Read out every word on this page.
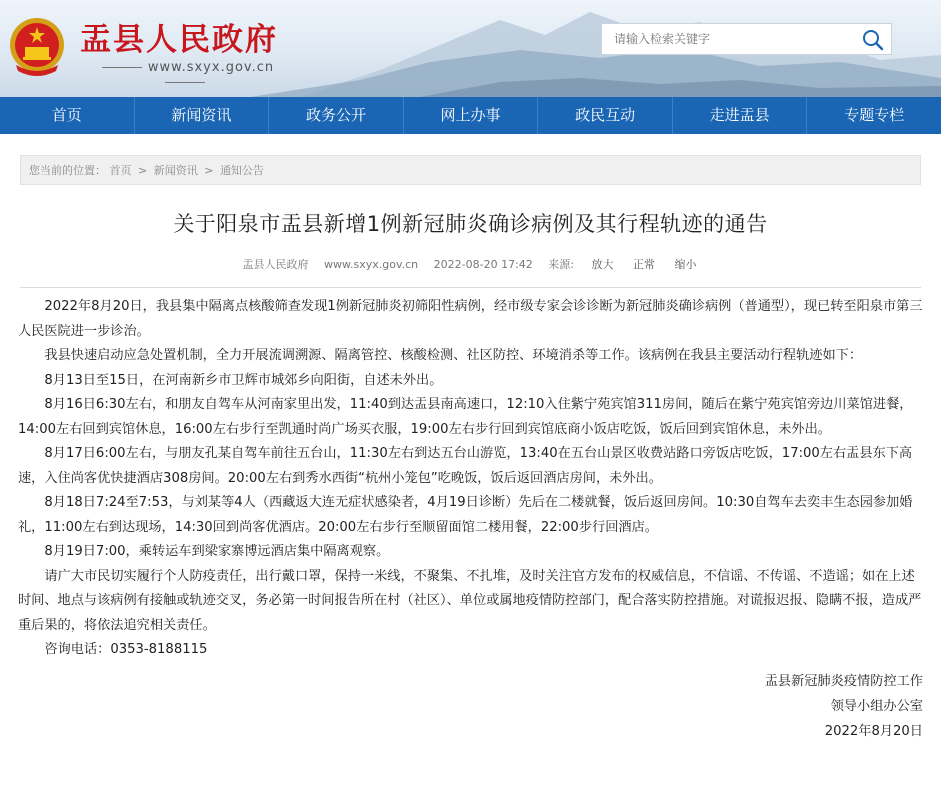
盂县人民政府
www.sxyx.gov.cn
请输入检索关键字
首页	新闻资讯	政务公开	网上办事	政民互动	走进盂县	专题专栏
您当前的位置： 首页 > 新闻资讯 > 通知公告
关于阳泉市盂县新增1例新冠肺炎确诊病例及其行程轨迹的通告
盂县人民政府 www.sxyx.gov.cn 2022-08-20 17:42 来源: 放大 正常 缩小

2022年8月20日，我县集中隔离点核酸筛查发现1例新冠肺炎初筛阳性病例，经市级专家会诊诊断为新冠肺炎确诊病例（普通型），现已转至阳泉市第三人民医院进一步诊治。

我县快速启动应急处置机制，全力开展流调溯源、隔离管控、核酸检测、社区防控、环境消杀等工作。该病例在我县主要活动行程轨迹如下：

8月13日至15日，在河南新乡市卫辉市城郊乡向阳街，自述未外出。

8月16日6:30左右，和朋友自驾车从河南家里出发，11:40到达盂县南高速口，12:10入住紫宁苑宾馆311房间，随后在紫宁苑宾馆旁边川菜馆进餐，14:00左右回到宾馆休息，16:00左右步行至凯通时尚广场买衣服，19:00左右步行回到宾馆底商小饭店吃饭，饭后回到宾馆休息，未外出。

8月17日6:00左右，与朋友孔某自驾车前往五台山，11:30左右到达五台山游览，13:40在五台山景区收费站路口旁饭店吃饭，17:00左右盂县东下高速，入住尚客优快捷酒店308房间。20:00左右到秀水西街“杭州小笼包”吃晚饭，饭后返回酒店房间，未外出。

8月18日7:24至7:53，与刘某等4人（西藏返大连无症状感染者，4月19日诊断）先后在二楼就餐，饭后返回房间。10:30自驾车去奕丰生态园参加婚礼，11:00左右到达现场，14:30回到尚客优酒店。20:00左右步行至顺留面馆二楼用餐，22:00步行回酒店。

8月19日7:00，乘转运车到梁家寨博远酒店集中隔离观察。

请广大市民切实履行个人防疫责任，出行戴口罩，保持一米线，不聚集、不扎堆，及时关注官方发布的权威信息，不信谣、不传谣、不造谣；如在上述时间、地点与该病例有接触或轨迹交叉，务必第一时间报告所在村（社区）、单位或属地疫情防控部门，配合落实防控措施。对谎报迟报、隐瞒不报，造成严重后果的，将依法追究相关责任。

咨询电话：0353-8188115

盂县新冠肺炎疫情防控工作
领导小组办公室
2022年8月20日
